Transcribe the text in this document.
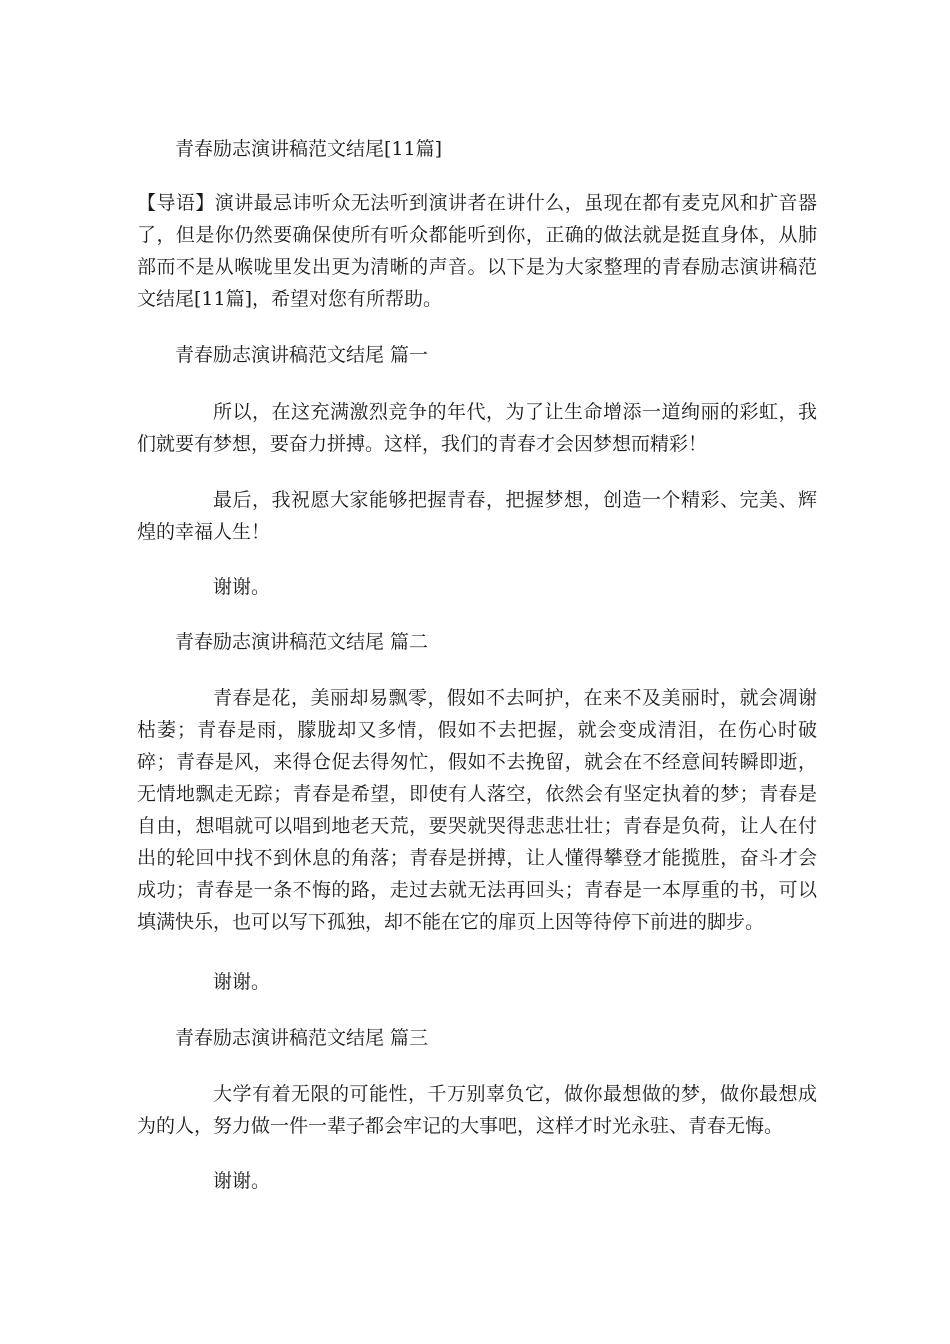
青春励志演讲稿范文结尾[11篇]
【导语】演讲最忌讳听众无法听到演讲者在讲什么，虽现在都有麦克风和扩音器了，但是你仍然要确保使所有听众都能听到你，正确的做法就是挺直身体，从肺部而不是从喉咙里发出更为清晰的声音。以下是为大家整理的青春励志演讲稿范文结尾[11篇]，希望对您有所帮助。
青春励志演讲稿范文结尾 篇一
所以，在这充满激烈竞争的年代，为了让生命增添一道绚丽的彩虹，我们就要有梦想，要奋力拼搏。这样，我们的青春才会因梦想而精彩！
最后，我祝愿大家能够把握青春，把握梦想，创造一个精彩、完美、辉煌的幸福人生！
谢谢。
青春励志演讲稿范文结尾 篇二
青春是花，美丽却易飘零，假如不去呵护，在来不及美丽时，就会凋谢枯萎；青春是雨，朦胧却又多情，假如不去把握，就会变成清泪，在伤心时破碎；青春是风，来得仓促去得匆忙，假如不去挽留，就会在不经意间转瞬即逝，无情地飘走无踪；青春是希望，即使有人落空，依然会有坚定执着的梦；青春是自由，想唱就可以唱到地老天荒，要哭就哭得悲悲壮壮；青春是负荷，让人在付出的轮回中找不到休息的角落；青春是拼搏，让人懂得攀登才能揽胜，奋斗才会成功；青春是一条不悔的路，走过去就无法再回头；青春是一本厚重的书，可以填满快乐，也可以写下孤独，却不能在它的扉页上因等待停下前进的脚步。
谢谢。
青春励志演讲稿范文结尾 篇三
大学有着无限的可能性，千万别辜负它，做你最想做的梦，做你最想成为的人，努力做一件一辈子都会牢记的大事吧，这样才时光永驻、青春无悔。
谢谢。
